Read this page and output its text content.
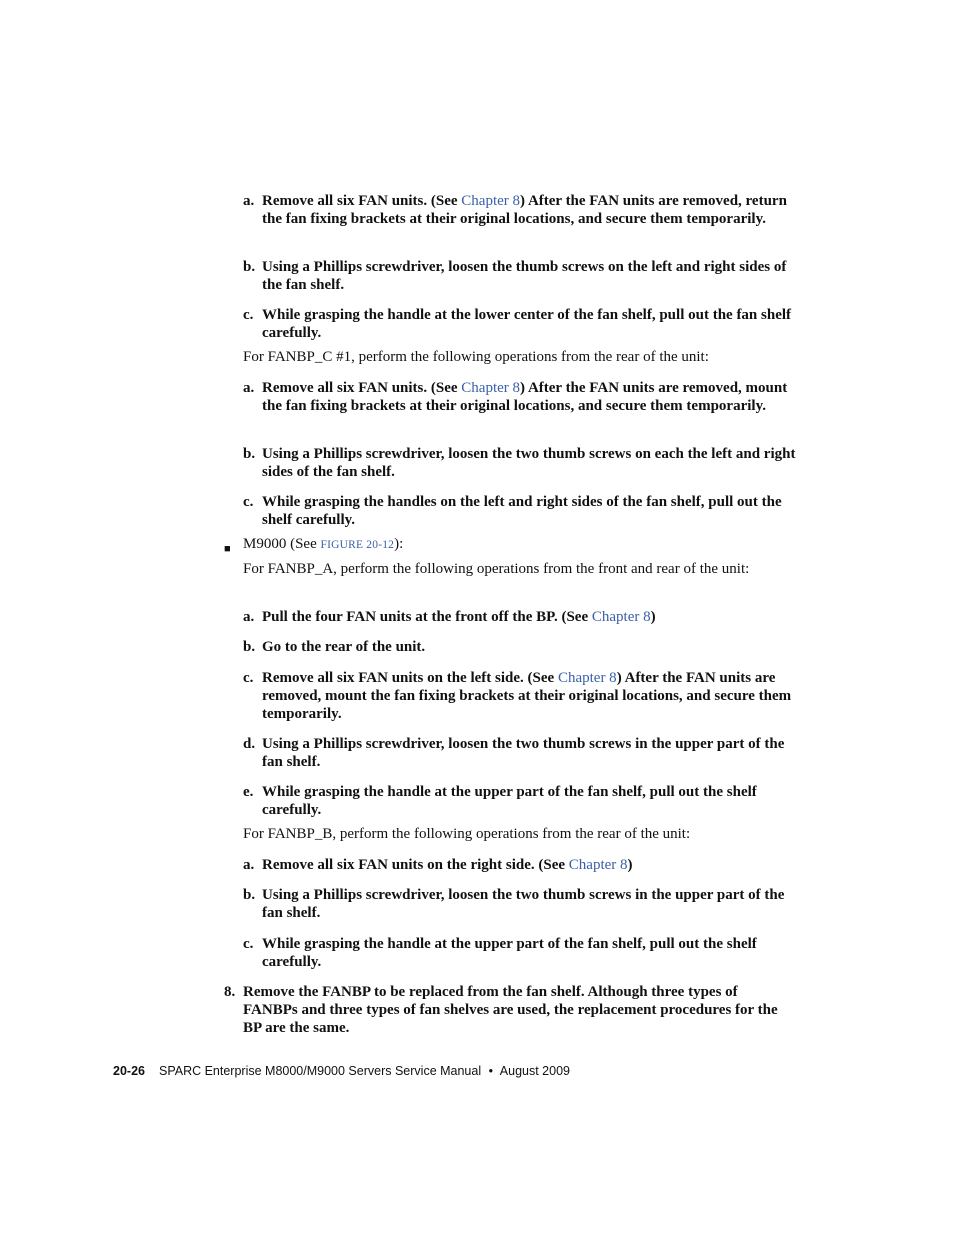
a. Remove all six FAN units. (See Chapter 8) After the FAN units are removed, return the fan fixing brackets at their original locations, and secure them temporarily.
b. Using a Phillips screwdriver, loosen the thumb screws on the left and right sides of the fan shelf.
c. While grasping the handle at the lower center of the fan shelf, pull out the fan shelf carefully.
For FANBP_C #1, perform the following operations from the rear of the unit:
a. Remove all six FAN units. (See Chapter 8) After the FAN units are removed, mount the fan fixing brackets at their original locations, and secure them temporarily.
b. Using a Phillips screwdriver, loosen the two thumb screws on each the left and right sides of the fan shelf.
c. While grasping the handles on the left and right sides of the fan shelf, pull out the shelf carefully.
■ M9000 (See FIGURE 20-12):
For FANBP_A, perform the following operations from the front and rear of the unit:
a. Pull the four FAN units at the front off the BP. (See Chapter 8)
b. Go to the rear of the unit.
c. Remove all six FAN units on the left side. (See Chapter 8) After the FAN units are removed, mount the fan fixing brackets at their original locations, and secure them temporarily.
d. Using a Phillips screwdriver, loosen the two thumb screws in the upper part of the fan shelf.
e. While grasping the handle at the upper part of the fan shelf, pull out the shelf carefully.
For FANBP_B, perform the following operations from the rear of the unit:
a. Remove all six FAN units on the right side. (See Chapter 8)
b. Using a Phillips screwdriver, loosen the two thumb screws in the upper part of the fan shelf.
c. While grasping the handle at the upper part of the fan shelf, pull out the shelf carefully.
8. Remove the FANBP to be replaced from the fan shelf. Although three types of FANBPs and three types of fan shelves are used, the replacement procedures for the BP are the same.
20-26 SPARC Enterprise M8000/M9000 Servers Service Manual • August 2009
